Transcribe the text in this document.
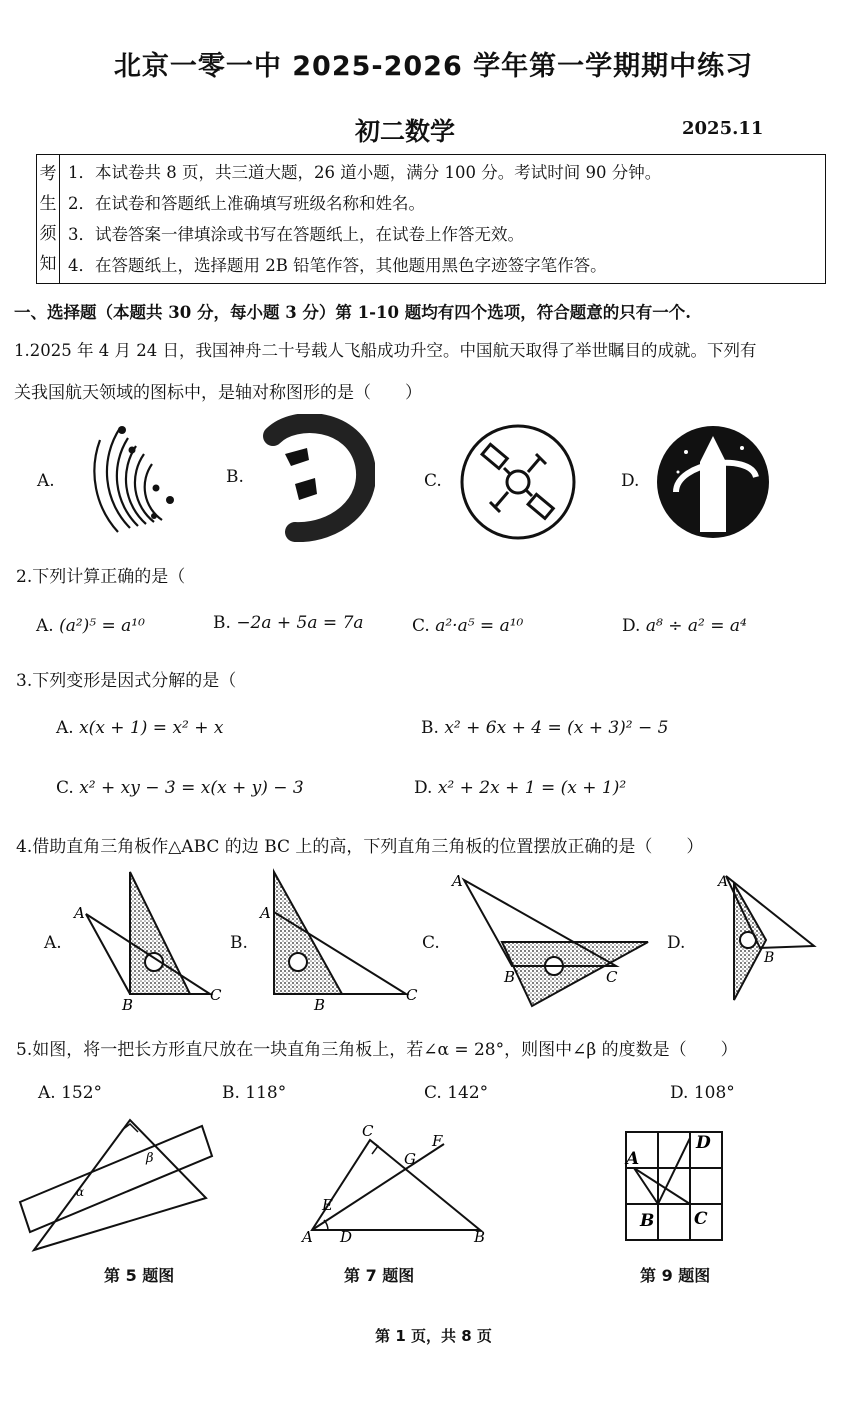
北京一零一中 2025-2026 学年第一学期期中练习
初二数学	2025.11
考
生
须
知

1．本试卷共 8 页，共三道大题，26 道小题，满分 100 分。考试时间 90 分钟。
2．在试卷和答题纸上准确填写班级名称和姓名。
3．试卷答案一律填涂或书写在答题纸上，在试卷上作答无效。
4．在答题纸上，选择题用 2B 铅笔作答，其他题用黑色字迹签字笔作答。
一、选择题（本题共 30 分，每小题 3 分）第 1-10 题均有四个选项，符合题意的只有一个.
1.2025 年 4 月 24 日，我国神舟二十号载人飞船成功升空。中国航天取得了举世瞩目的成就。下列有
关我国航天领域的图标中，是轴对称图形的是（　　）
A.	B.	C.	D.
2.下列计算正确的是（
A. (a²)⁵ = a¹⁰	B. −2a + 5a = 7a	C. a²·a⁵ = a¹⁰	D. a⁸ ÷ a² = a⁴
3.下列变形是因式分解的是（
A. x(x + 1) = x² + x	B. x² + 6x + 4 = (x + 3)² − 5
C. x² + xy − 3 = x(x + y) − 3	D. x² + 2x + 1 = (x + 1)²
4.借助直角三角板作△ABC 的边 BC 上的高，下列直角三角板的位置摆放正确的是（　　）
A.
A
B
C
B.
A
B
C
C.
A
B	C
D.
A
B
5.如图，将一把长方形直尺放在一块直角三角板上，若∠α = 28°，则图中∠β 的度数是（　　）
A. 152°	B. 118°	C. 142°	D. 108°
α
β
第 5 题图
C
E
G
F
A D	B
第 7 题图
A
D
B C
第 9 题图
第 1 页，共 8 页
